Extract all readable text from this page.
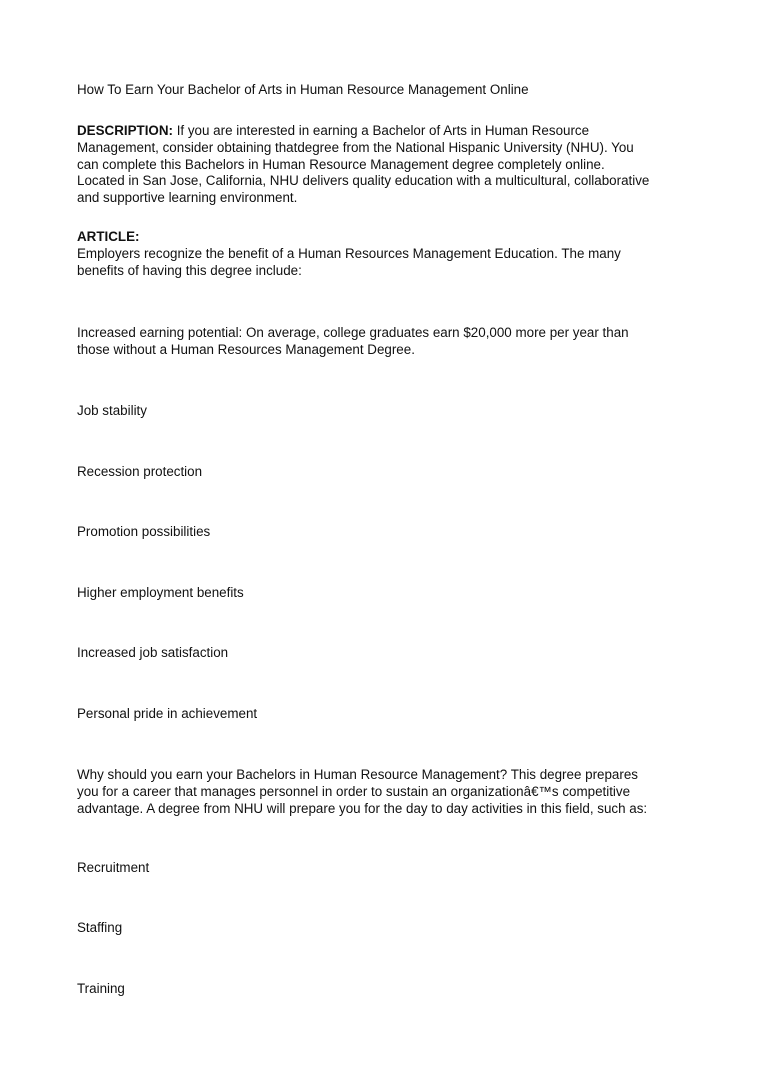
How To Earn Your Bachelor of Arts in Human Resource Management Online

DESCRIPTION: If you are interested in earning a Bachelor of Arts in Human Resource
Management, consider obtaining thatdegree from the National Hispanic University (NHU). You
can complete this Bachelors in Human Resource Management degree completely online.
Located in San Jose, California, NHU delivers quality education with a multicultural, collaborative
and supportive learning environment.

ARTICLE:
Employers recognize the benefit of a Human Resources Management Education. The many
benefits of having this degree include:

Increased earning potential: On average, college graduates earn $20,000 more per year than
those without a Human Resources Management Degree.

Job stability

Recession protection

Promotion possibilities

Higher employment benefits

Increased job satisfaction

Personal pride in achievement

Why should you earn your Bachelors in Human Resource Management? This degree prepares
you for a career that manages personnel in order to sustain an organizationâ€™s competitive
advantage. A degree from NHU will prepare you for the day to day activities in this field, such as:

Recruitment

Staffing

Training
